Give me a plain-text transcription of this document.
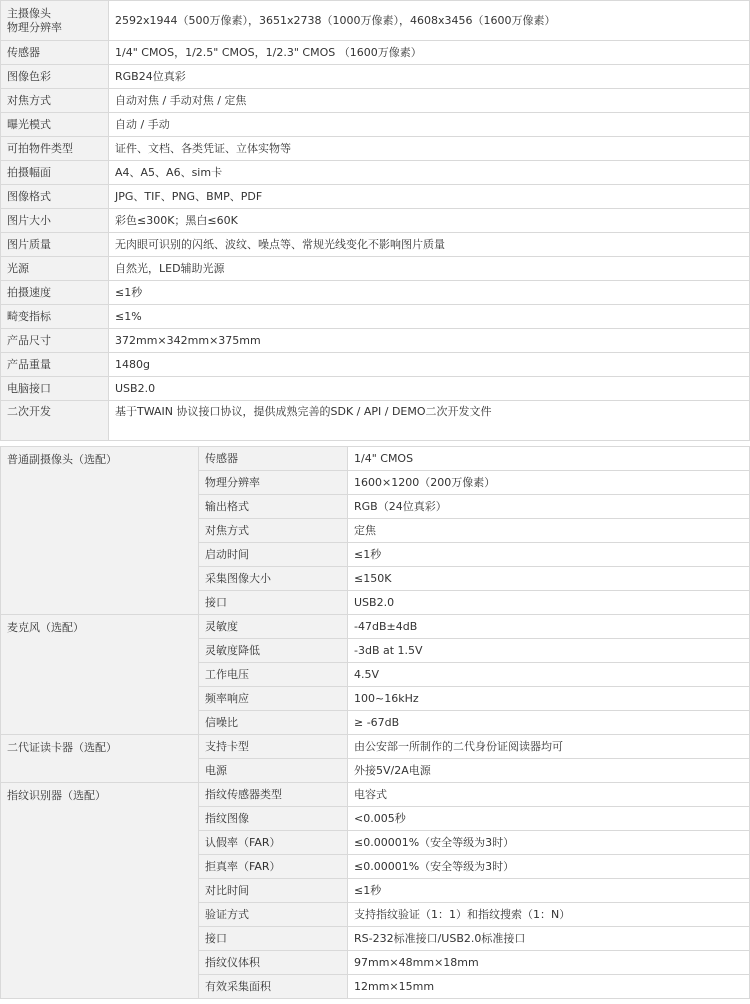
主摄像头
物理分辨率	2592x1944（500万像素），3651x2738（1000万像素），4608x3456（1600万像素）

传感器	1/4" CMOS，1/2.5" CMOS，1/2.3" CMOS （1600万像素）

图像色彩	RGB24位真彩

对焦方式	自动对焦 / 手动对焦 / 定焦

曝光模式	自动 / 手动

可拍物件类型	证件、文档、各类凭证、立体实物等

拍摄幅面	A4、A5、A6、sim卡

图像格式	JPG、TIF、PNG、BMP、PDF

图片大小	彩色≤300K；黑白≤60K

图片质量	无肉眼可识别的闪纸、波纹、噪点等、常规光线变化不影响图片质量

光源	自然光，LED辅助光源

拍摄速度	≤1秒

畸变指标	≤1%

产品尺寸	372mm×342mm×375mm

产品重量	1480g

电脑接口	USB2.0

二次开发	基于TWAIN 协议接口协议，提供成熟完善的SDK / API / DEMO二次开发文件
普通副摄像头（选配）	传感器	1/4" CMOS
	物理分辨率	1600×1200（200万像素）
	输出格式	RGB（24位真彩）
	对焦方式	定焦
	启动时间	≤1秒
	采集图像大小	≤150K
	接口	USB2.0
麦克风（选配）	灵敏度	-47dB±4dB
	灵敏度降低	-3dB at 1.5V
	工作电压	4.5V
	频率响应	100~16kHz
	信噪比	≥ -67dB
二代证读卡器（选配）	支持卡型	由公安部一所制作的二代身份证阅读器均可
	电源	外接5V/2A电源
指纹识别器（选配）	指纹传感器类型	电容式
	指纹图像	<0.005秒
	认假率（FAR）	≤0.00001%（安全等级为3时）
	拒真率（FAR）	≤0.00001%（安全等级为3时）
	对比时间	≤1秒
	验证方式	支持指纹验证（1：1）和指纹搜索（1：N）
	接口	RS-232标准接口/USB2.0标准接口
	指纹仪体积	97mm×48mm×18mm
	有效采集面积	12mm×15mm
